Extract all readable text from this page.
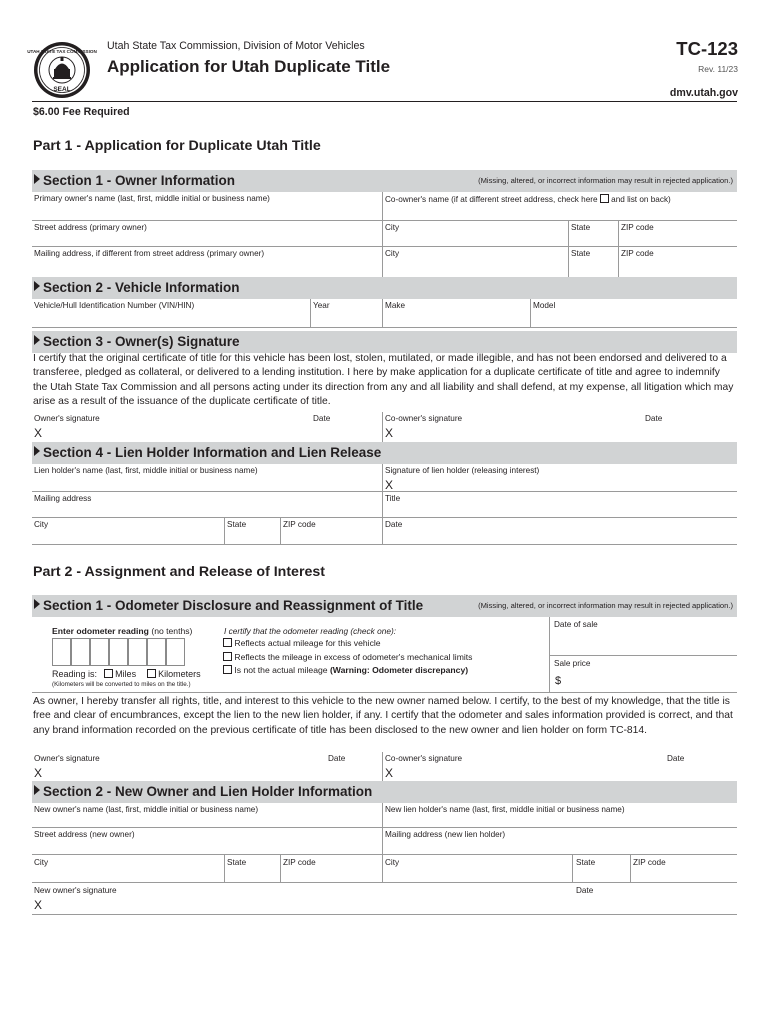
UTAH STATE TAX COMMISSION
SEAL
Utah State Tax Commission, Division of Motor Vehicles
Application for Utah Duplicate Title
TC-123
Rev. 11/23
dmv.utah.gov
$6.00 Fee Required
Part 1 - Application for Duplicate Utah Title
Section 1 - Owner Information	(Missing, altered, or incorrect information may result in rejected application.)
Primary owner's name (last, first, middle initial or business name)	Co-owner's name (if at different street address, check here and list on back)
Street address (primary owner)	City	State	ZIP code
Mailing address, if different from street address (primary owner)	City	State	ZIP code
Section 2 - Vehicle Information
Vehicle/Hull Identification Number (VIN/HIN)	Year	Make	Model
Section 3 - Owner(s) Signature
I certify that the original certificate of title for this vehicle has been lost, stolen, mutilated, or made illegible, and has not been endorsed and delivered to a transferee, pledged as collateral, or delivered to a lending institution. I here by make application for a duplicate certificate of title and agree to indemnify the Utah State Tax Commission and all persons acting under its direction from any and all liability and shall defend, at my expense, all litigation which may arise as a result of the issuance of the duplicate certificate of title.
Owner's signature	Date
X
Co-owner's signature	Date
X
Section 4 - Lien Holder Information and Lien Release
Lien holder's name (last, first, middle initial or business name)	Signature of lien holder (releasing interest)
X
Mailing address	Title
City	State	ZIP code	Date
Part 2 - Assignment and Release of Interest
Section 1 - Odometer Disclosure and Reassignment of Title	(Missing, altered, or incorrect information may result in rejected application.)
Enter odometer reading (no tenths)
Reading is: Miles Kilometers
(Kilometers will be converted to miles on the title.)
I certify that the odometer reading (check one):
Reflects actual mileage for this vehicle
Reflects the mileage in excess of odometer's mechanical limits
Is not the actual mileage (Warning: Odometer discrepancy)
Date of sale
Sale price
$
As owner, I hereby transfer all rights, title, and interest to this vehicle to the new owner named below. I certify, to the best of my knowledge, that the title is free and clear of encumbrances, except the lien to the new lien holder, if any. I certify that the odometer and sales information provided is correct, and that any brand information recorded on the previous certificate of title has been disclosed to the new owner and lien holder on form TC-814.
Owner's signature	Date
X
Co-owner's signature	Date
X
Section 2 - New Owner and Lien Holder Information
New owner's name (last, first, middle initial or business name)	New lien holder's name (last, first, middle initial or business name)
Street address (new owner)	Mailing address (new lien holder)
City	State	ZIP code	City	State	ZIP code
New owner's signature	Date
X
